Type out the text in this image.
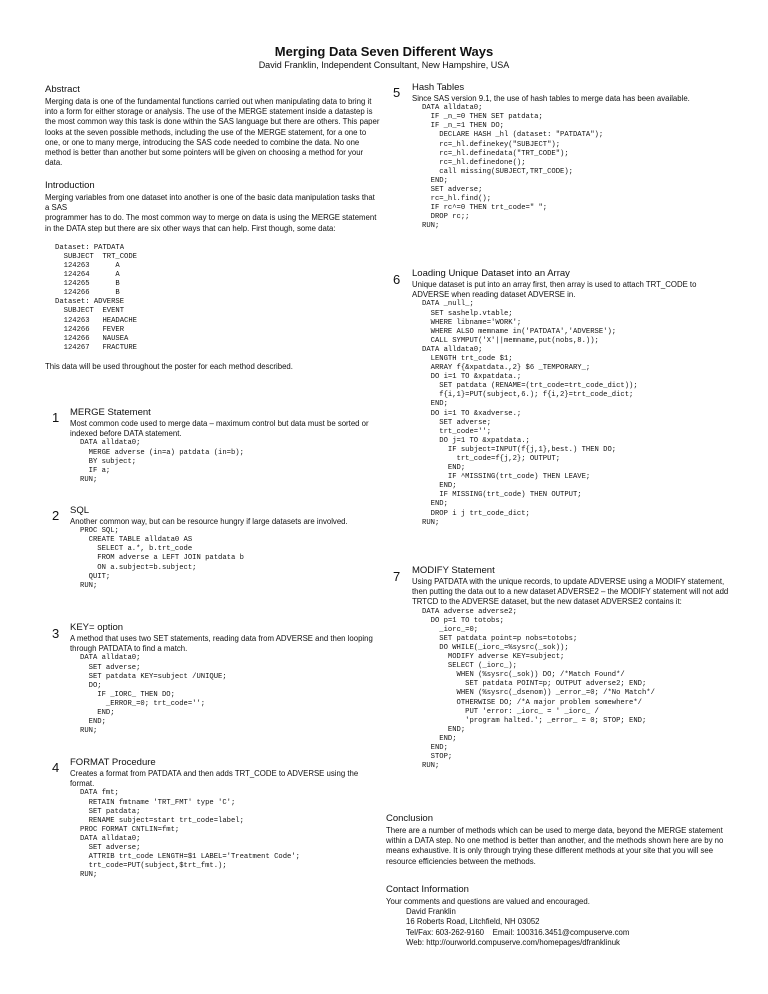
Merging Data Seven Different Ways
David Franklin, Independent Consultant, New Hampshire, USA
Abstract

Merging data is one of the fundamental functions carried out when manipulating data to bring it into a form for either storage or analysis. The use of the MERGE statement inside a datastep is the most common way this task is done within the SAS language but there are others. This paper looks at the seven possible methods, including the use of the MERGE statement, for a one to one, or one to many merge, introducing the SAS code needed to combine the data. No one method is better than another but some pointers will be given on choosing a method for your data.

Introduction

Merging variables from one dataset into another is one of the basic data manipulation tasks that a SAS

programmer has to do. The most common way to merge on data is using the MERGE statement in the DATA step but there are six other ways that can help. First though, some data:

Dataset: PATDATA
SUBJECT  TRT_CODE
124263      A
124264      A
124265      B
124266      B
Dataset: ADVERSE
SUBJECT  EVENT
124263   HEADACHE
124266   FEVER
124266   NAUSEA
124267   FRACTURE

This data will be used throughout the poster for each method described.

1 MERGE Statement

Most common code used to merge data – maximum control but data must be sorted or indexed before DATA statement.

DATA alldata0;
MERGE adverse (in=a) patdata (in=b);
BY subject;
IF a;
RUN;
2 SQL

Another common way, but can be resource hungry if large datasets are involved.

PROC SQL;
CREATE TABLE alldata0 AS
SELECT a.*, b.trt_code
FROM adverse a LEFT JOIN patdata b
ON a.subject=b.subject;
QUIT;
RUN;
3 KEY= option

A method that uses two SET statements, reading data from ADVERSE and then looping through PATDATA to find a match.

DATA alldata0;
SET adverse;
SET patdata KEY=subject /UNIQUE;
DO;
IF _IORC_ THEN DO;
_ERROR_=0; trt_code='';
END;
END;
RUN;
4 FORMAT Procedure

Creates a format from PATDATA and then adds TRT_CODE to ADVERSE using the format.

DATA fmt;
RETAIN fmtname 'TRT_FMT' type 'C';
SET patdata;
RENAME subject=start trt_code=label;
PROC FORMAT CNTLIN=fmt;
DATA alldata0;
SET adverse;
ATTRIB trt_code LENGTH=$1 LABEL='Treatment Code';
trt_code=PUT(subject,$trt_fmt.);
RUN;
5 Hash Tables

Since SAS version 9.1, the use of hash tables to merge data has been available.

DATA alldata0;
IF _n_=0 THEN SET patdata;
IF _n_=1 THEN DO;
DECLARE HASH _hl (dataset: "PATDATA");
rc=_hl.definekey("SUBJECT");
rc=_hl.definedata("TRT_CODE");
rc=_hl.definedone();
call missing(SUBJECT,TRT_CODE);
END;
SET adverse;
rc=_hl.find();
IF rc^=0 THEN trt_code=" ";
DROP rc;;
RUN;
6 Loading Unique Dataset into an Array

Unique dataset is put into an array first, then array is used to attach TRT_CODE to ADVERSE when reading dataset ADVERSE in.

DATA _null_;
SET sashelp.vtable;
WHERE libname='WORK';
WHERE ALSO memname in('PATDATA','ADVERSE');
CALL SYMPUT('X'||memname,put(nobs,8.));
DATA alldata0;
LENGTH trt_code $1;
ARRAY f{&xpatdata.,2} $6 _TEMPORARY_;
DO i=1 TO &xpatdata.;
SET patdata (RENAME=(trt_code=trt_code_dict));
f{i,1}=PUT(subject,6.); f{i,2}=trt_code_dict;
END;
DO i=1 TO &xadverse.;
SET adverse;
trt_code='';
DO j=1 TO &xpatdata.;
IF subject=INPUT(f{j,1},best.) THEN DO;
trt_code=f{j,2}; OUTPUT;
END;
IF ^MISSING(trt_code) THEN LEAVE;
END;
IF MISSING(trt_code) THEN OUTPUT;
END;
DROP i j trt_code_dict;
RUN;
7 MODIFY Statement

Using PATDATA with the unique records, to update ADVERSE using a MODIFY statement, then putting the data out to a new dataset ADVERSE2 – the MODIFY statement will not add TRTCD to the ADVERSE dataset, but the new dataset ADVERSE2 contains it:

DATA adverse adverse2;
DO p=1 TO totobs;
_iorc_=0;
SET patdata point=p nobs=totobs;
DO WHILE(_iorc_=%sysrc(_sok));
MODIFY adverse KEY=subject;
SELECT (_iorc_);
WHEN (%sysrc(_sok)) DO; /*Match Found*/
SET patdata POINT=p; OUTPUT adverse2; END;
WHEN (%sysrc(_dsenom)) _error_=0; /*No Match*/
OTHERWISE DO; /*A major problem somewhere*/
PUT 'error: _iorc_ = ' _iorc_ /
'program halted.'; _error_ = 0; STOP; END;
END;
END;
END;
STOP;
RUN;
Conclusion

There are a number of methods which can be used to merge data, beyond the MERGE statement within a DATA step. No one method is better than another, and the methods shown here are by no means exhaustive. It is only through trying these different methods at your site that you will see resource efficiencies between the methods.

Contact Information

Your comments and questions are valued and encouraged.

David Franklin

16 Roberts Road, Litchfield, NH 03052

Tel/Fax: 603-262-9160    Email: 100316.3451@compuserve.com

Web: http://ourworld.compuserve.com/homepages/dfranklinuk
